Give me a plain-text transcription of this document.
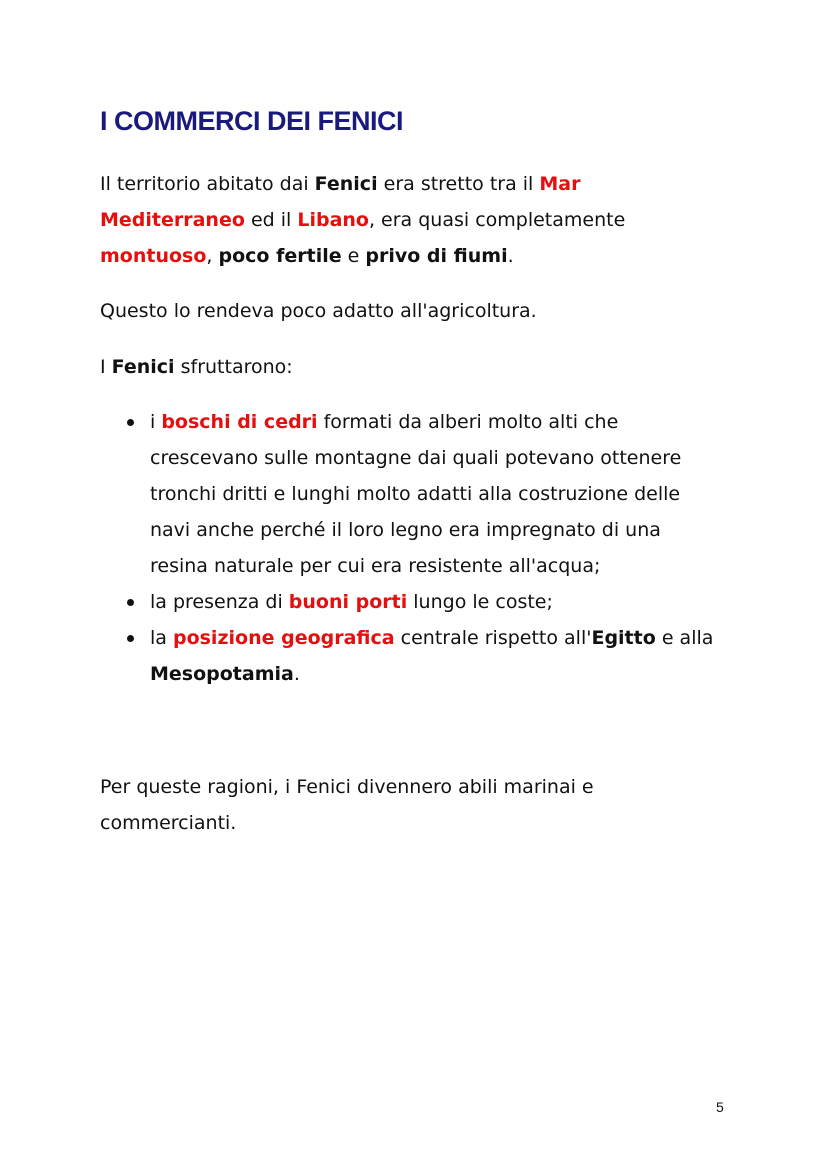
I COMMERCI DEI FENICI

Il territorio abitato dai Fenici era stretto tra il Mar Mediterraneo ed il Libano, era quasi completamente montuoso, poco fertile e privo di fiumi.

Questo lo rendeva poco adatto all'agricoltura.

I Fenici sfruttarono:

i boschi di cedri formati da alberi molto alti che crescevano sulle montagne dai quali potevano ottenere tronchi dritti e lunghi molto adatti alla costruzione delle navi anche perché il loro legno era impregnato di una resina naturale per cui era resistente all'acqua;
la presenza di buoni porti lungo le coste;
la posizione geografica centrale rispetto all'Egitto e alla Mesopotamia.

Per queste ragioni, i Fenici divennero abili marinai e commercianti.

5
